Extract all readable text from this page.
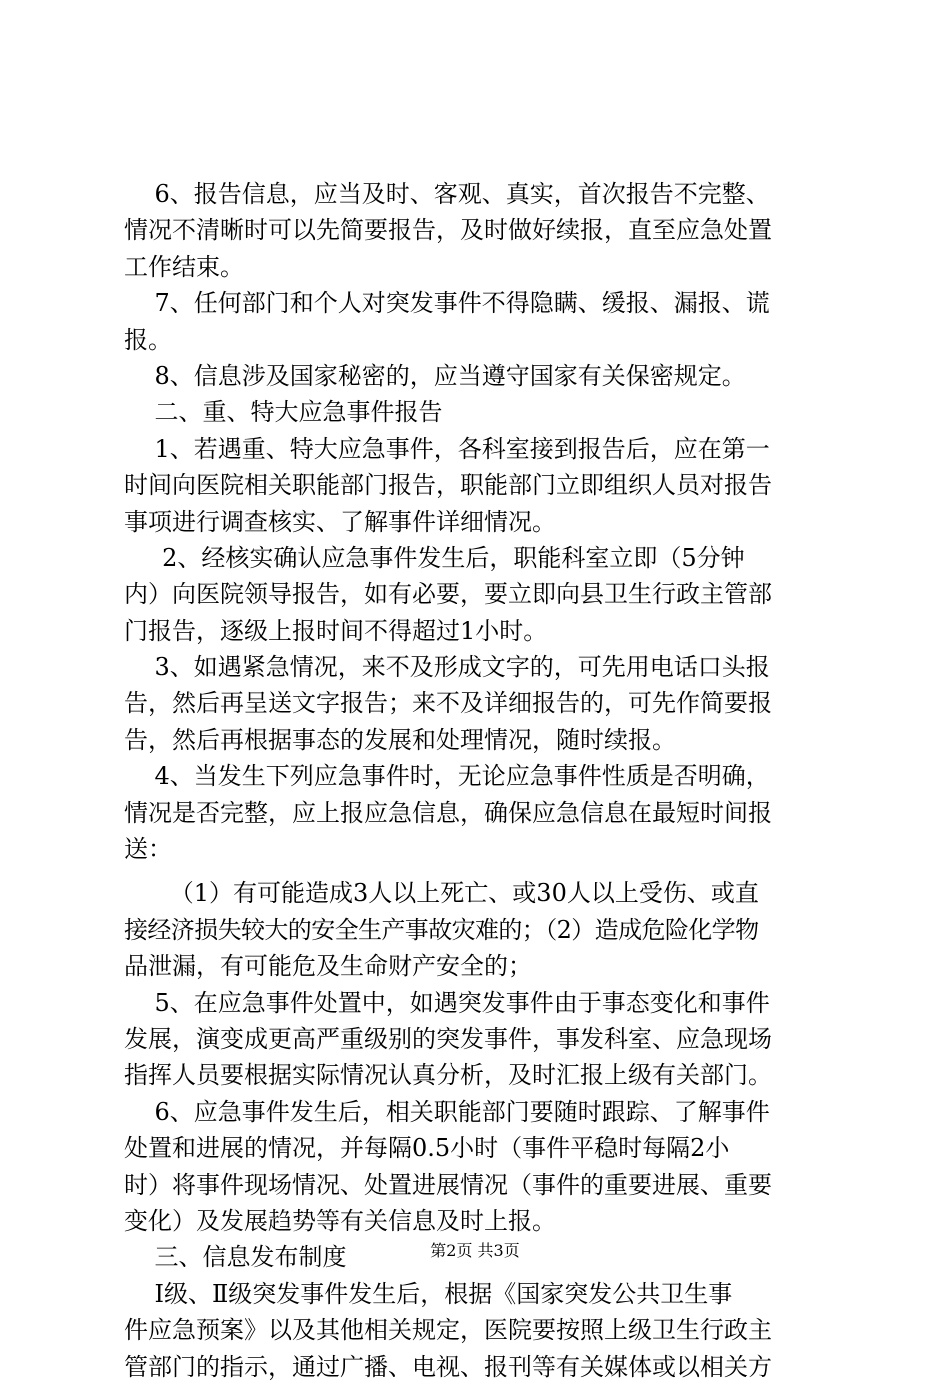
6、报告信息，应当及时、客观、真实，首次报告不完整、
情况不清晰时可以先简要报告，及时做好续报，直至应急处置
工作结束。
7、任何部门和个人对突发事件不得隐瞒、缓报、漏报、谎
报。
8、信息涉及国家秘密的，应当遵守国家有关保密规定。
二、重、特大应急事件报告
1、若遇重、特大应急事件，各科室接到报告后，应在第一
时间向医院相关职能部门报告，职能部门立即组织人员对报告
事项进行调查核实、了解事件详细情况。
2、经核实确认应急事件发生后，职能科室立即（5分钟
内）向医院领导报告，如有必要，要立即向县卫生行政主管部
门报告，逐级上报时间不得超过1小时。
3、如遇紧急情况，来不及形成文字的，可先用电话口头报
告，然后再呈送文字报告；来不及详细报告的，可先作简要报
告，然后再根据事态的发展和处理情况，随时续报。
4、当发生下列应急事件时，无论应急事件性质是否明确，
情况是否完整，应上报应急信息，确保应急信息在最短时间报
送：
（1）有可能造成3人以上死亡、或30人以上受伤、或直
接经济损失较大的安全生产事故灾难的；（2）造成危险化学物
品泄漏，有可能危及生命财产安全的；
5、在应急事件处置中，如遇突发事件由于事态变化和事件
发展，演变成更高严重级别的突发事件，事发科室、应急现场
指挥人员要根据实际情况认真分析，及时汇报上级有关部门。
6、应急事件发生后，相关职能部门要随时跟踪、了解事件
处置和进展的情况，并每隔0.5小时（事件平稳时每隔2小
时）将事件现场情况、处置进展情况（事件的重要进展、重要
变化）及发展趋势等有关信息及时上报。
三、信息发布制度
Ⅰ级、Ⅱ级突发事件发生后，根据《国家突发公共卫生事
件应急预案》以及其他相关规定，医院要按照上级卫生行政主
管部门的指示，通过广播、电视、报刊等有关媒体或以相关方
第2页 共3页
